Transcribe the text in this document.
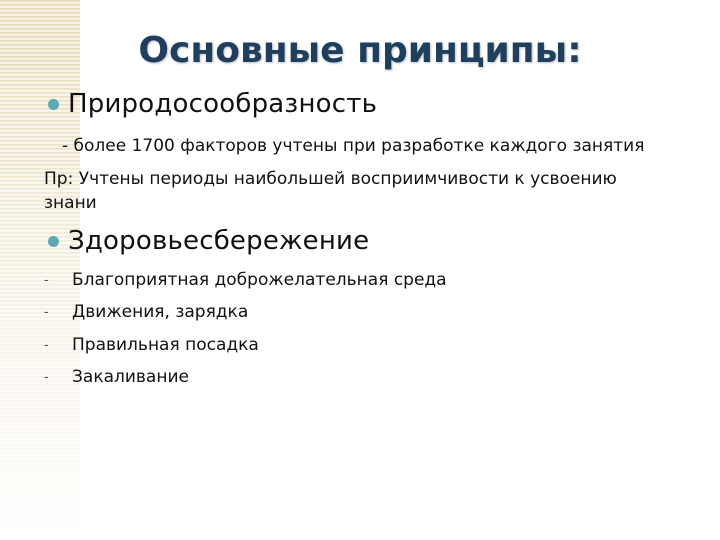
Основные принципы:
Природосообразность
- более 1700 факторов учтены при разработке каждого занятия
Пр: Учтены периоды наибольшей восприимчивости к усвоению
знани
Здоровьесбережение
-	Благоприятная доброжелательная среда
-	Движения, зарядка
-	Правильная посадка
-	Закаливание
